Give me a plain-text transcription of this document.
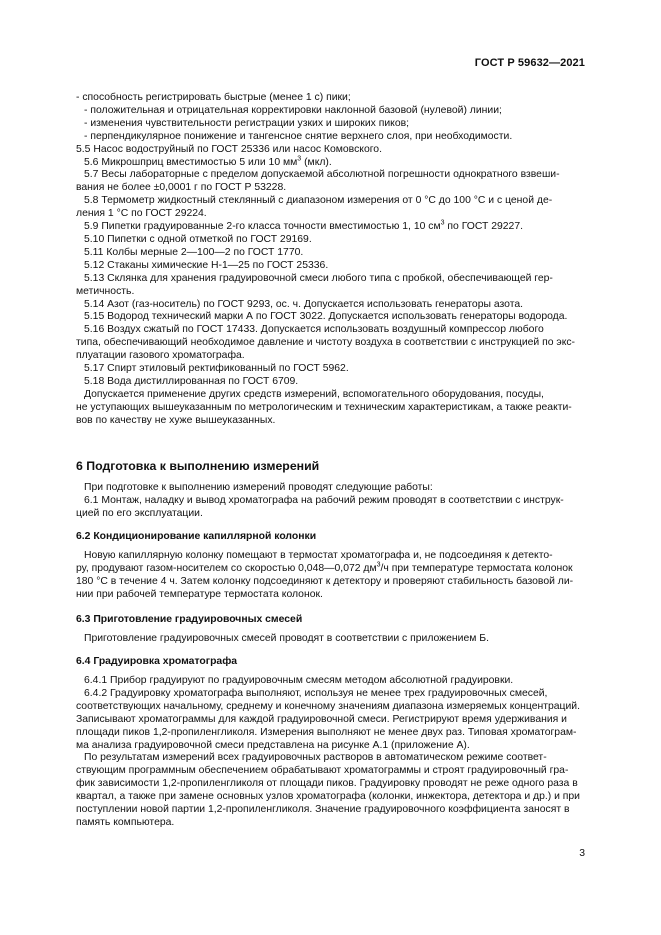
ГОСТ Р 59632—2021
- способность регистрировать быстрые (менее 1 с) пики;
- положительная и отрицательная корректировки наклонной базовой (нулевой) линии;
- изменения чувствительности регистрации узких и широких пиков;
- перпендикулярное понижение и тангенсное снятие верхнего слоя, при необходимости.
5.5 Насос водоструйный по ГОСТ 25336 или насос Комовского.
5.6 Микрошприц вместимостью 5 или 10 $мм^3$ (мкл).
5.7 Весы лабораторные с пределом допускаемой абсолютной погрешности однократного взвеши-
вания не более ±0,0001 г по ГОСТ Р 53228.
5.8 Термометр жидкостный стеклянный с диапазоном измерения от 0 °С до 100 °С и с ценой де-
ления 1 °С по ГОСТ 29224.
5.9 Пипетки градуированные 2-го класса точности вместимостью 1, 10 $см^3$ по ГОСТ 29227.
5.10 Пипетки с одной отметкой по ГОСТ 29169.
5.11 Колбы мерные 2—100—2 по ГОСТ 1770.
5.12 Стаканы химические Н-1—25 по ГОСТ 25336.
5.13 Склянка для хранения градуировочной смеси любого типа с пробкой, обеспечивающей гер-
метичность.
5.14 Азот (газ-носитель) по ГОСТ 9293, ос. ч. Допускается использовать генераторы азота.
5.15 Водород технический марки А по ГОСТ 3022. Допускается использовать генераторы водорода.
5.16 Воздух сжатый по ГОСТ 17433. Допускается использовать воздушный компрессор любого
типа, обеспечивающий необходимое давление и чистоту воздуха в соответствии с инструкцией по экс-
плуатации газового хроматографа.
5.17 Спирт этиловый ректификованный по ГОСТ 5962.
5.18 Вода дистиллированная по ГОСТ 6709.
Допускается применение других средств измерений, вспомогательного оборудования, посуды,
не уступающих вышеуказанным по метрологическим и техническим характеристикам, а также реакти-
вов по качеству не хуже вышеуказанных.
6 Подготовка к выполнению измерений
При подготовке к выполнению измерений проводят следующие работы:
6.1 Монтаж, наладку и вывод хроматографа на рабочий режим проводят в соответствии с инструк-
цией по его эксплуатации.
6.2 Кондиционирование капиллярной колонки
Новую капиллярную колонку помещают в термостат хроматографа и, не подсоединяя к детекто-
ру, продувают газом-носителем со скоростью 0,048—0,072 $дм^3/ч$ при температуре термостата колонок
180 °С в течение 4 ч. Затем колонку подсоединяют к детектору и проверяют стабильность базовой ли-
нии при рабочей температуре термостата колонок.
6.3 Приготовление градуировочных смесей
Приготовление градуировочных смесей проводят в соответствии с приложением Б.
6.4 Градуировка хроматографа
6.4.1 Прибор градуируют по градуировочным смесям методом абсолютной градуировки.
6.4.2 Градуировку хроматографа выполняют, используя не менее трех градуировочных смесей,
соответствующих начальному, среднему и конечному значениям диапазона измеряемых концентраций.
Записывают хроматограммы для каждой градуировочной смеси. Регистрируют время удерживания и
площади пиков 1,2-пропиленгликоля. Измерения выполняют не менее двух раз. Типовая хроматограм-
ма анализа градуировочной смеси представлена на рисунке А.1 (приложение А).
По результатам измерений всех градуировочных растворов в автоматическом режиме соответ-
ствующим программным обеспечением обрабатывают хроматограммы и строят градуировочный гра-
фик зависимости 1,2-пропиленгликоля от площади пиков. Градуировку проводят не реже одного раза в
квартал, а также при замене основных узлов хроматографа (колонки, инжектора, детектора и др.) и при
поступлении новой партии 1,2-пропиленгликоля. Значение градуировочного коэффициента заносят в
память компьютера.
3
